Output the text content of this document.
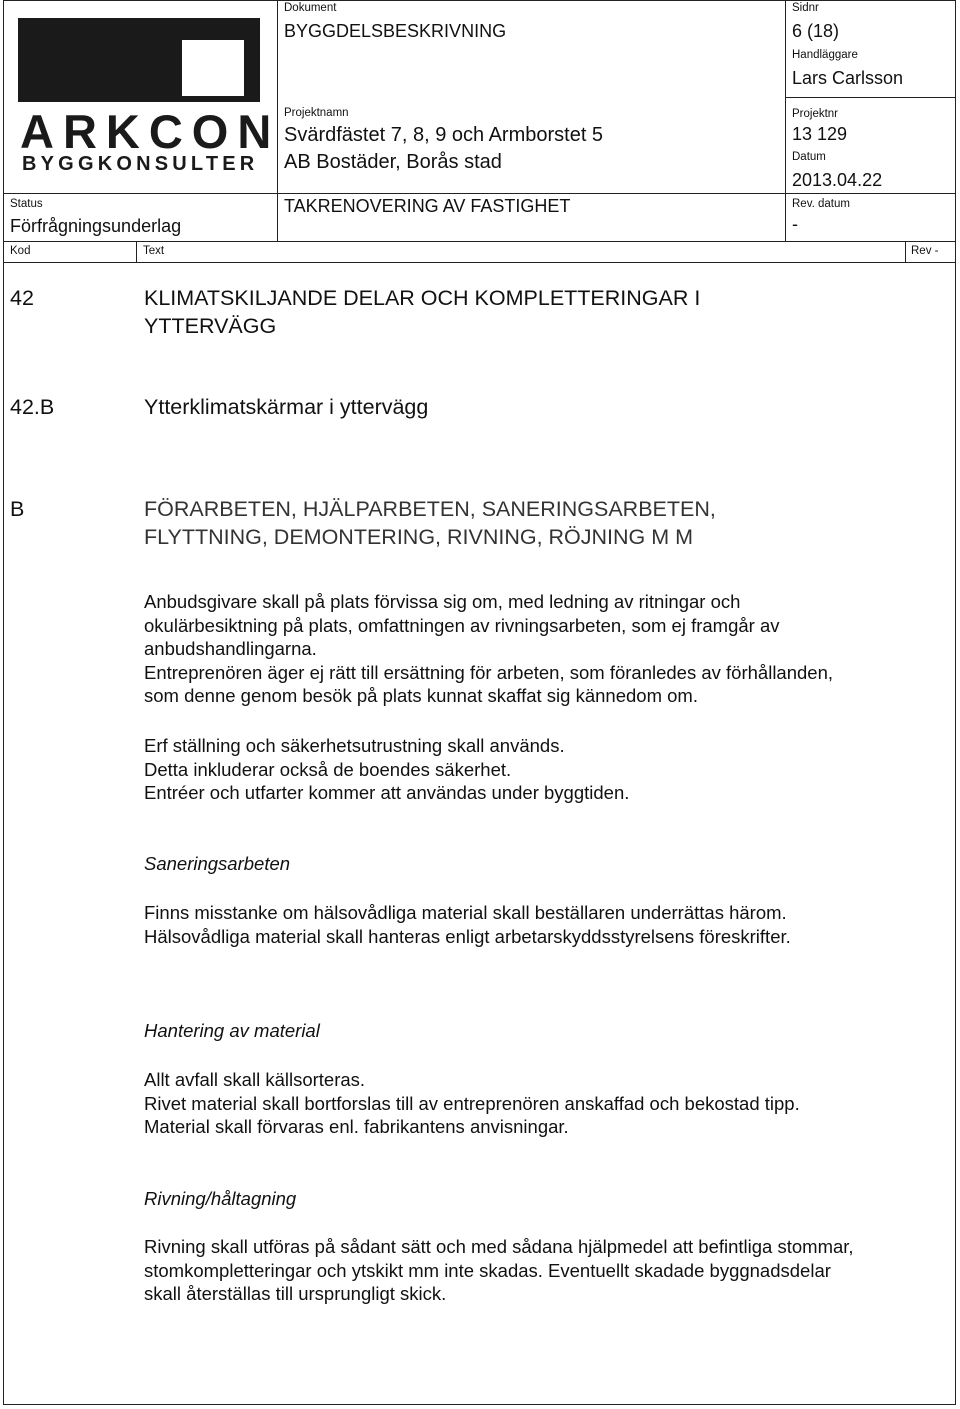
ARKCON
BYGGKONSULTER
Status
Förfrågningsunderlag
Dokument
BYGGDELSBESKRIVNING
Projektnamn
Svärdfästet 7, 8, 9 och Armborstet 5
AB Bostäder, Borås stad
TAKRENOVERING AV FASTIGHET
Sidnr
6 (18)
Handläggare
Lars Carlsson
Projektnr
13 129
Datum
2013.04.22
Rev. datum
-
Kod	Text	Rev -
42	KLIMATSKILJANDE DELAR OCH KOMPLETTERINGAR I
YTTERVÄGG
42.B	Ytterklimatskärmar i yttervägg
B	FÖRARBETEN, HJÄLPARBETEN, SANERINGSARBETEN,
FLYTTNING, DEMONTERING, RIVNING, RÖJNING M M
Anbudsgivare skall på plats förvissa sig om, med ledning av ritningar och
okulärbesiktning på plats, omfattningen av rivningsarbeten, som ej framgår av
anbudshandlingarna.
Entreprenören äger ej rätt till ersättning för arbeten, som föranledes av förhållanden,
som denne genom besök på plats kunnat skaffat sig kännedom om.
Erf ställning och säkerhetsutrustning skall används.
Detta inkluderar också de boendes säkerhet.
Entréer och utfarter kommer att användas under byggtiden.
Saneringsarbeten
Finns misstanke om hälsovådliga material skall beställaren underrättas härom.
Hälsovådliga material skall hanteras enligt arbetarskyddsstyrelsens föreskrifter.
Hantering av material
Allt avfall skall källsorteras.
Rivet material skall bortforslas till av entreprenören anskaffad och bekostad tipp.
Material skall förvaras enl. fabrikantens anvisningar.
Rivning/håltagning
Rivning skall utföras på sådant sätt och med sådana hjälpmedel att befintliga stommar,
stomkompletteringar och ytskikt mm inte skadas. Eventuellt skadade byggnadsdelar
skall återställas till ursprungligt skick.
